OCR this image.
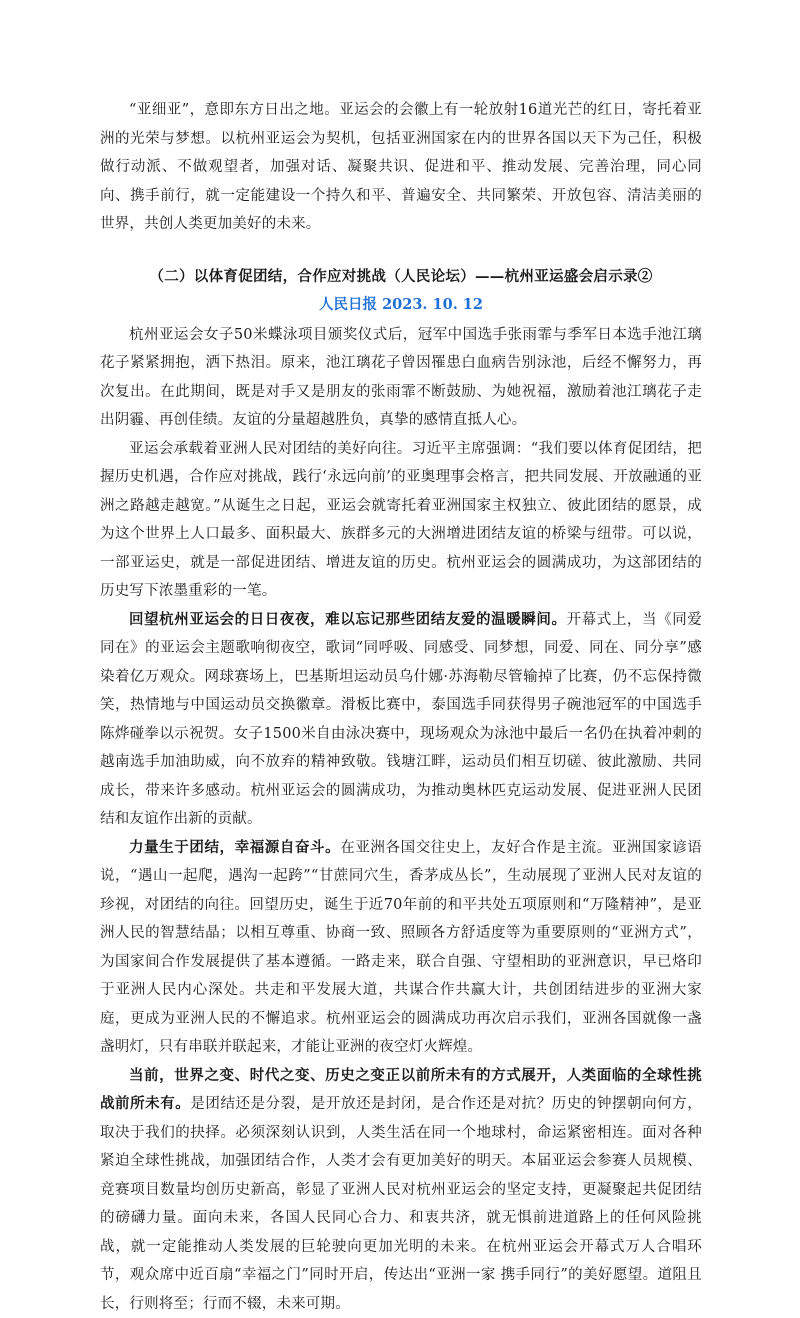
“亚细亚”，意即东方日出之地。亚运会的会徽上有一轮放射16道光芒的红日，寄托着亚洲的光荣与梦想。以杭州亚运会为契机，包括亚洲国家在内的世界各国以天下为己任，积极做行动派、不做观望者，加强对话、凝聚共识、促进和平、推动发展、完善治理，同心同向、携手前行，就一定能建设一个持久和平、普遍安全、共同繁荣、开放包容、清洁美丽的世界，共创人类更加美好的未来。

（二）以体育促团结，合作应对挑战（人民论坛）——杭州亚运盛会启示录②
人民日报 2023. 10. 12

杭州亚运会女子50米蝶泳项目颁奖仪式后，冠军中国选手张雨霏与季军日本选手池江璃花子紧紧拥抱，洒下热泪。原来，池江璃花子曾因罹患白血病告别泳池，后经不懈努力，再次复出。在此期间，既是对手又是朋友的张雨霏不断鼓励、为她祝福，激励着池江璃花子走出阴霾、再创佳绩。友谊的分量超越胜负，真挚的感情直抵人心。

亚运会承载着亚洲人民对团结的美好向往。习近平主席强调：“我们要以体育促团结，把握历史机遇，合作应对挑战，践行‘永远向前’的亚奥理事会格言，把共同发展、开放融通的亚洲之路越走越宽。”从诞生之日起，亚运会就寄托着亚洲国家主权独立、彼此团结的愿景，成为这个世界上人口最多、面积最大、族群多元的大洲增进团结友谊的桥梁与纽带。可以说，一部亚运史，就是一部促进团结、增进友谊的历史。杭州亚运会的圆满成功，为这部团结的历史写下浓墨重彩的一笔。

回望杭州亚运会的日日夜夜，难以忘记那些团结友爱的温暖瞬间。开幕式上，当《同爱同在》的亚运会主题歌响彻夜空，歌词“同呼吸、同感受、同梦想，同爱、同在、同分享”感染着亿万观众。网球赛场上，巴基斯坦运动员乌什娜·苏海勒尽管输掉了比赛，仍不忘保持微笑，热情地与中国运动员交换徽章。滑板比赛中，泰国选手同获得男子碗池冠军的中国选手陈烨碰拳以示祝贺。女子1500米自由泳决赛中，现场观众为泳池中最后一名仍在执着冲刺的越南选手加油助威，向不放弃的精神致敬。钱塘江畔，运动员们相互切磋、彼此激励、共同成长，带来许多感动。杭州亚运会的圆满成功，为推动奥林匹克运动发展、促进亚洲人民团结和友谊作出新的贡献。

力量生于团结，幸福源自奋斗。在亚洲各国交往史上，友好合作是主流。亚洲国家谚语说，“遇山一起爬，遇沟一起跨”“甘蔗同穴生，香茅成丛长”，生动展现了亚洲人民对友谊的珍视，对团结的向往。回望历史，诞生于近70年前的和平共处五项原则和“万隆精神”，是亚洲人民的智慧结晶；以相互尊重、协商一致、照顾各方舒适度等为重要原则的“亚洲方式”，为国家间合作发展提供了基本遵循。一路走来，联合自强、守望相助的亚洲意识，早已烙印于亚洲人民内心深处。共走和平发展大道，共谋合作共赢大计，共创团结进步的亚洲大家庭，更成为亚洲人民的不懈追求。杭州亚运会的圆满成功再次启示我们，亚洲各国就像一盏盏明灯，只有串联并联起来，才能让亚洲的夜空灯火辉煌。

当前，世界之变、时代之变、历史之变正以前所未有的方式展开，人类面临的全球性挑战前所未有。是团结还是分裂，是开放还是封闭，是合作还是对抗？历史的钟摆朝向何方，取决于我们的抉择。必须深刻认识到，人类生活在同一个地球村，命运紧密相连。面对各种紧迫全球性挑战，加强团结合作，人类才会有更加美好的明天。本届亚运会参赛人员规模、竞赛项目数量均创历史新高，彰显了亚洲人民对杭州亚运会的坚定支持，更凝聚起共促团结的磅礴力量。面向未来，各国人民同心合力、和衷共济，就无惧前进道路上的任何风险挑战，就一定能推动人类发展的巨轮驶向更加光明的未来。在杭州亚运会开幕式万人合唱环节，观众席中近百扇“幸福之门”同时开启，传达出“亚洲一家 携手同行”的美好愿望。道阻且长，行则将至；行而不辍，未来可期。
